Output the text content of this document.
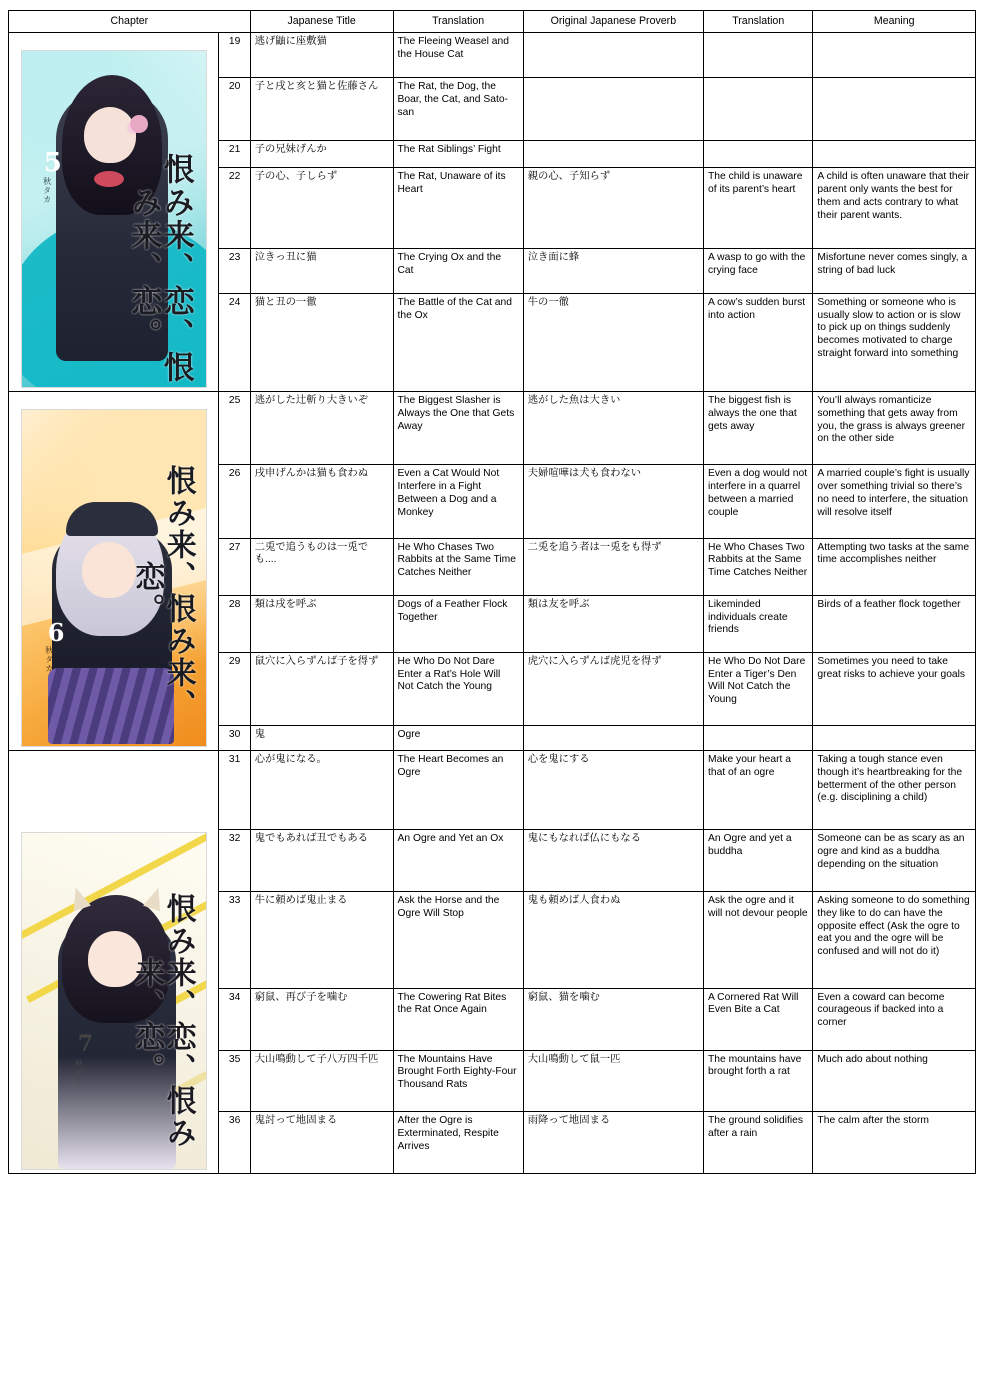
Chapter		Japanese Title	Translation	Original Japanese Proverb	Translation	Meaning

恨み来、恋、恨み来、恋。
5
秋タカ	19	逃げ鼬に座敷猫	The Fleeing Weasel and the House Cat			
	20	子と戌と亥と猫と佐藤さん	The Rat, the Dog, the Boar, the Cat, and Sato-san			
	21	子の兄妹げんか	The Rat Siblings’ Fight			
	22	子の心、子しらず	The Rat, Unaware of its Heart	親の心、子知らず	The child is unaware of its parent’s heart	A child is often unaware that their parent only wants the best for them and acts contrary to what their parent wants.
	23	泣きっ丑に猫	The Crying Ox and the Cat	泣き面に蜂	A wasp to go with the crying face	Misfortune never comes singly, a string of bad luck
	24	猫と丑の一徹	The Battle of the Cat and the Ox	牛の一徹	A cow’s sudden burst into action	Something or someone who is usually slow to action or is slow to pick up on things suddenly becomes motivated to charge straight forward into something

恨み来、恨み来、恋。
6
秋タカ	25	逃がした辻斬り大きいぞ	The Biggest Slasher is Always the One that Gets Away	逃がした魚は大きい	The biggest fish is always the one that gets away	You’ll always romanticize something that gets away from you, the grass is always greener on the other side
	26	戌申げんかは猫も食わぬ	Even a Cat Would Not Interfere in a Fight Between a Dog and a Monkey	夫婦喧嘩は犬も食わない	Even a dog would not interfere in a quarrel between a married couple	A married couple’s fight is usually over something trivial so there’s no need to interfere, the situation will resolve itself
	27	二兎で追うものは一兎でも....	He Who Chases Two Rabbits at the Same Time Catches Neither	二兎を追う者は一兎をも得ず	He Who Chases Two Rabbits at the Same Time Catches Neither	Attempting two tasks at the same time accomplishes neither
	28	類は戌を呼ぶ	Dogs of a Feather Flock Together	類は友を呼ぶ	Likeminded individuals create friends	Birds of a feather flock together
	29	鼠穴に入らずんば子を得ず	He Who Do Not Dare Enter a Rat’s Hole Will Not Catch the Young	虎穴に入らずんば虎児を得ず	He Who Do Not Dare Enter a Tiger’s Den Will Not Catch the Young	Sometimes you need to take great risks to achieve your goals
	30	鬼	Ogre			

恨み来、恋、恨み来、恋。
7
秋タカ	31	心が鬼になる。	The Heart Becomes an Ogre	心を鬼にする	Make your heart a that of an ogre	Taking a tough stance even though it’s heartbreaking for the betterment of the other person (e.g. disciplining a child)
	32	鬼でもあれば丑でもある	An Ogre and Yet an Ox	鬼にもなれば仏にもなる	An Ogre and yet a buddha	Someone can be as scary as an ogre and kind as a buddha depending on the situation
	33	牛に頼めば鬼止まる	Ask the Horse and the Ogre Will Stop	鬼も頼めば人食わぬ	Ask the ogre and it will not devour people	Asking someone to do something they like to do can have the opposite effect (Ask the ogre to eat you and the ogre will be confused and will not do it)
	34	窮鼠、再び子を噛む	The Cowering Rat Bites the Rat Once Again	窮鼠、猫を噛む	A Cornered Rat Will Even Bite a Cat	Even a coward can become courageous if backed into a corner
	35	大山鳴動して子八万四千匹	The Mountains Have Brought Forth Eighty-Four Thousand Rats	大山鳴動して鼠一匹	The mountains have brought forth a rat	Much ado about nothing
	36	鬼討って地固まる	After the Ogre is Exterminated, Respite Arrives	雨降って地固まる	The ground solidifies after a rain	The calm after the storm
